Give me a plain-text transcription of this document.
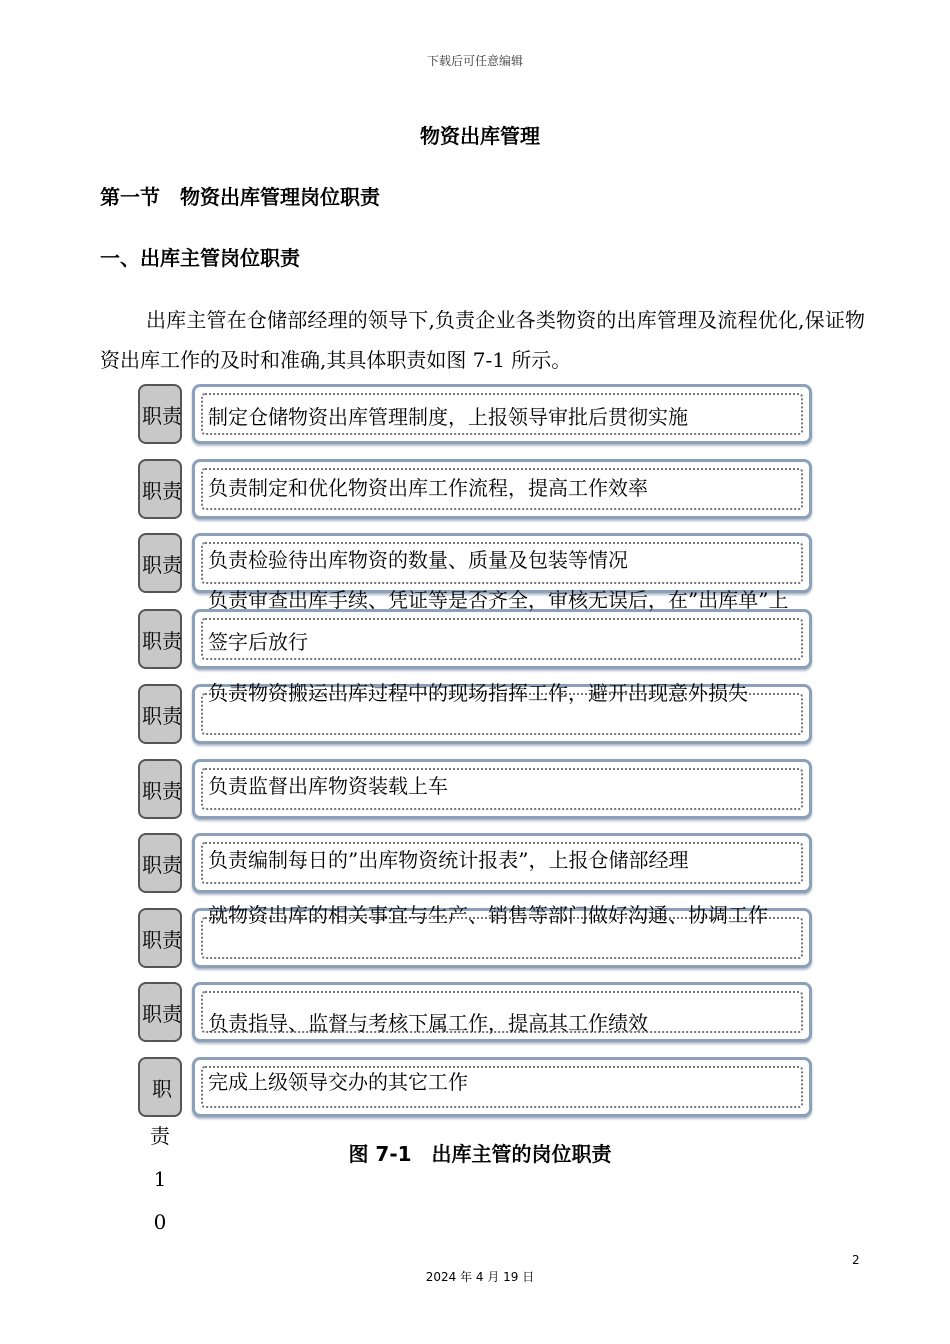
下载后可任意编辑
物资出库管理
第一节　物资出库管理岗位职责
一、出库主管岗位职责
出库主管在仓储部经理的领导下,负责企业各类物资的出库管理及流程优化,保证物资出库工作的及时和准确,其具体职责如图 7-1 所示。
制定仓储物资出库管理制度，上报领导审批后贯彻实施
职责
负责制定和优化物资出库工作流程，提高工作效率
职责
负责检验待出库物资的数量、质量及包装等情况
职责
负责审查出库手续、凭证等是否齐全，审核无误后，在”出库单”上签字后放行
职责
负责物资搬运出库过程中的现场指挥工作，避开出现意外损失
职责
负责监督出库物资装载上车
职责
负责编制每日的”出库物资统计报表”，上报仓储部经理
职责
就物资出库的相关事宜与生产、销售等部门做好沟通、协调工作
职责
负责指导、监督与考核下属工作，提高其工作绩效
职责
完成上级领导交办的其它工作
职
责
1
0
图 7-1　出库主管的岗位职责
2
2024 年 4 月 19 日
